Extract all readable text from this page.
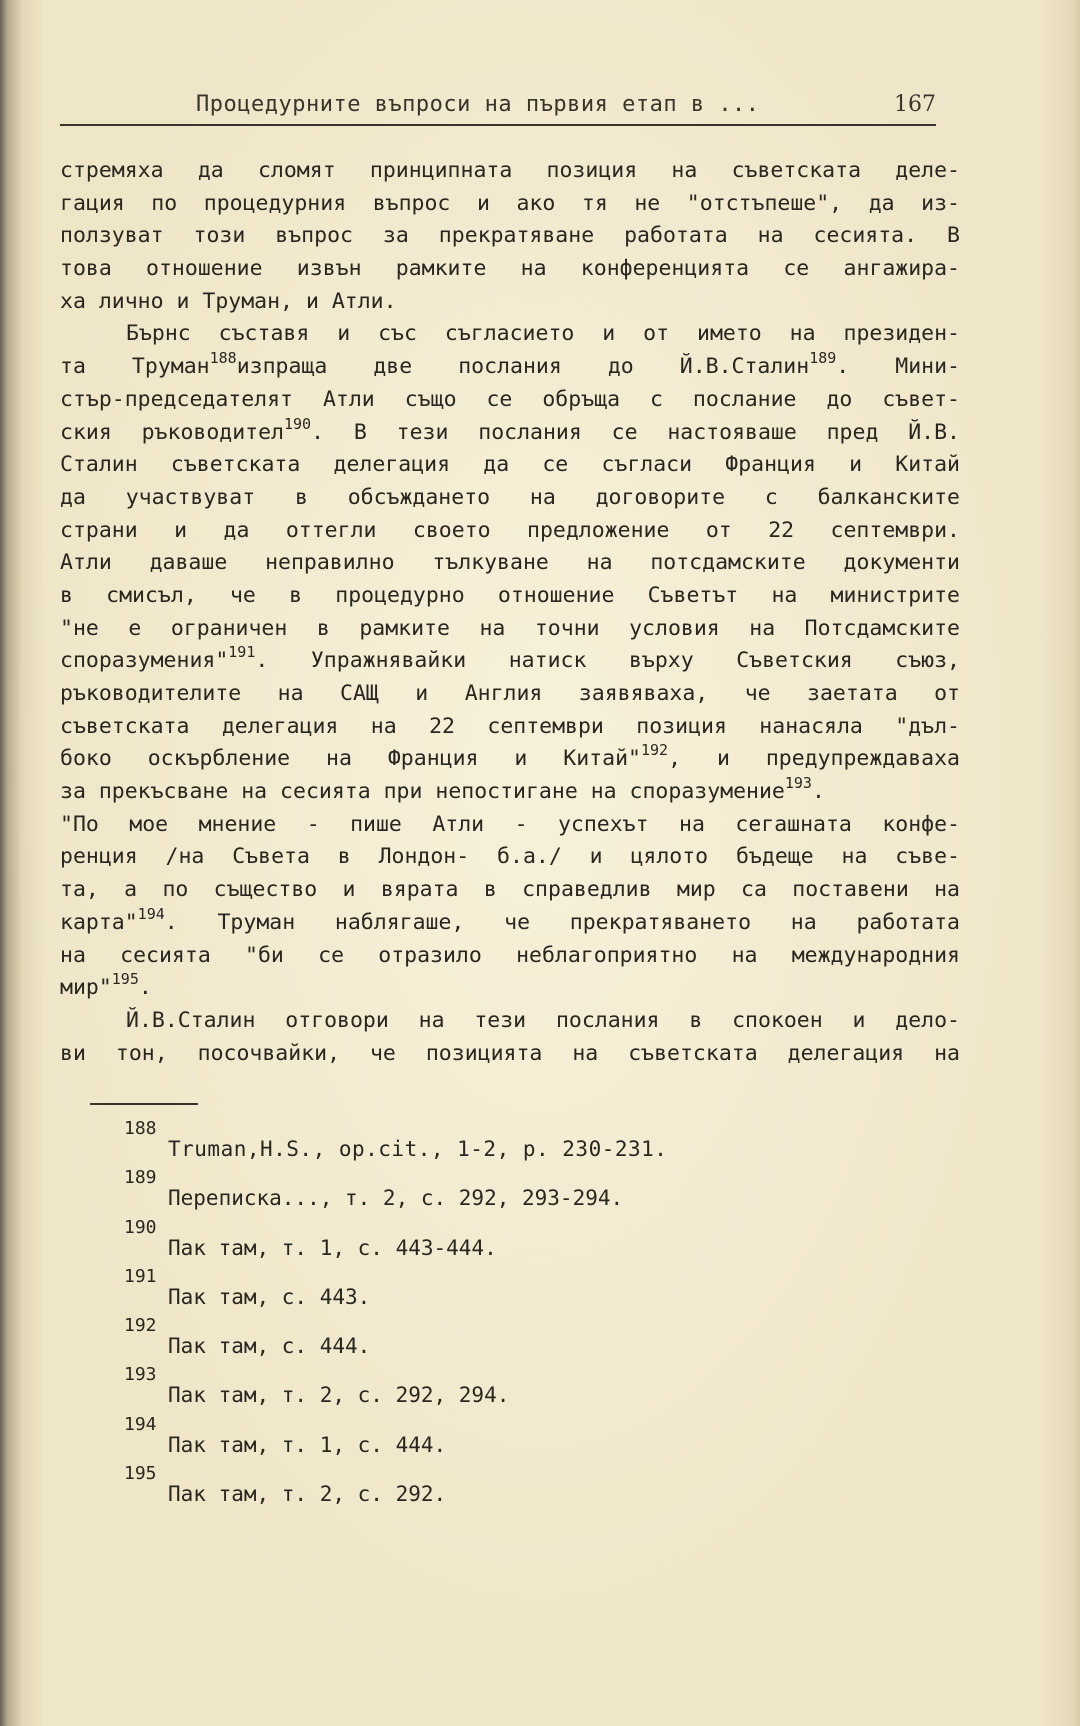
Процедурните въпроси на първия етап в ...	167
стремяха да сломят принципната позиция на съветската деле-
гация по процедурния въпрос и ако тя не "отстъпеше", да из-
ползуват този въпрос за прекратяване работата на сесията. В
това отношение извън рамките на конференцията се ангажира-
ха лично и Труман, и Атли.
Бърнс съставя и със съгласието и от името на президен-
та Труман$^{188}$изпраща две послания до Й.В.Сталин$^{189}$. Мини-
стър-председателят Атли също се обръща с послание до съвет-
ския ръководител$^{190}$. В тези послания се настояваше пред Й.В.
Сталин съветската делегация да се съгласи Франция и Китай
да участвуват в обсъждането на договорите с балканските
страни и да оттегли своето предложение от 22 септември.
Атли даваше неправилно тълкуване на потсдамските документи
в смисъл, че в процедурно отношение Съветът на министрите
"не е ограничен в рамките на точни условия на Потсдамските
споразумения"$^{191}$. Упражнявайки натиск върху Съветския съюз,
ръководителите на САЩ и Англия заявяваха, че заетата от
съветската делегация на 22 септември позиция нанасяла "дъл-
боко оскърбление на Франция и Китай"$^{192}$, и предупреждаваха
за прекъсване на сесията при непостигане на споразумение$^{193}$.
"По мое мнение - пише Атли - успехът на сегашната конфе-
ренция /на Съвета в Лондон- б.а./ и цялото бъдеще на съве-
та, а по същество и вярата в справедлив мир са поставени на
карта"$^{194}$. Труман наблягаше, че прекратяването на работата
на сесията "би се отразило неблагоприятно на международния
мир"$^{195}$.
Й.В.Сталин отговори на тези послания в спокоен и дело-
ви тон, посочвайки, че позицията на съветската делегация на
188
Truman,H.S., op.cit., 1-2, p. 230-231.
189
Переписка..., т. 2, с. 292, 293-294.
190
Пак там, т. 1, с. 443-444.
191
Пак там, с. 443.
192
Пак там, с. 444.
193
Пак там, т. 2, с. 292, 294.
194
Пак там, т. 1, с. 444.
195
Пак там, т. 2, с. 292.
